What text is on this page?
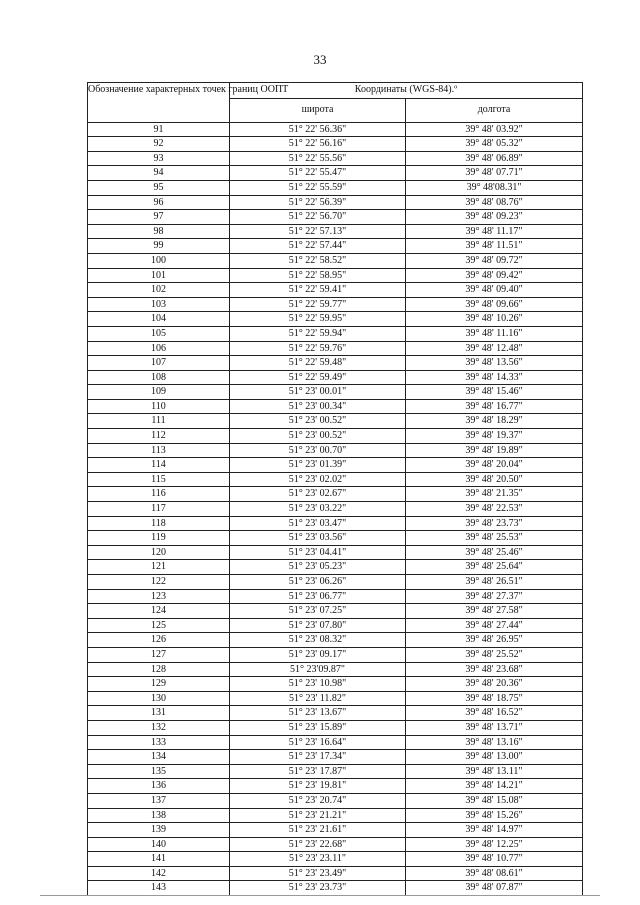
33
Обозначение характерных точек границ ООПТ	Координаты (WGS-84).º	
	широта	долгота
91	51° 22' 56.36"	39° 48' 03.92"
92	51° 22' 56.16"	39° 48' 05.32"
93	51° 22' 55.56"	39° 48' 06.89"
94	51° 22' 55.47"	39° 48' 07.71"
95	51° 22' 55.59"	39° 48'08.31"
96	51° 22' 56.39"	39° 48' 08.76"
97	51° 22' 56.70"	39° 48' 09.23"
98	51° 22' 57.13"	39° 48' 11.17"
99	51° 22' 57.44"	39° 48' 11.51"
100	51° 22' 58.52"	39° 48' 09.72"
101	51° 22' 58.95"	39° 48' 09.42"
102	51° 22' 59.41"	39° 48' 09.40"
103	51° 22' 59.77"	39° 48' 09.66"
104	51° 22' 59.95"	39° 48' 10.26"
105	51° 22' 59.94"	39° 48' 11.16"
106	51° 22' 59.76"	39° 48' 12.48"
107	51° 22' 59.48"	39° 48' 13.56"
108	51° 22' 59.49"	39° 48' 14.33"
109	51° 23' 00.01"	39° 48' 15.46"
110	51° 23' 00.34"	39° 48' 16.77"
111	51° 23' 00.52"	39° 48' 18.29"
112	51° 23' 00.52"	39° 48' 19.37"
113	51° 23' 00.70"	39° 48' 19.89"
114	51° 23' 01.39"	39° 48' 20.04"
115	51° 23' 02.02"	39° 48' 20.50"
116	51° 23' 02.67"	39° 48' 21.35"
117	51° 23' 03.22"	39° 48' 22.53"
118	51° 23' 03.47"	39° 48' 23.73"
119	51° 23' 03.56"	39° 48' 25.53"
120	51° 23' 04.41"	39° 48' 25.46"
121	51° 23' 05.23"	39° 48' 25.64"
122	51° 23' 06.26"	39° 48' 26.51"
123	51° 23' 06.77"	39° 48' 27.37"
124	51° 23' 07.25"	39° 48' 27.58"
125	51° 23' 07.80"	39° 48' 27.44"
126	51° 23' 08.32"	39° 48' 26.95"
127	51° 23' 09.17"	39° 48' 25.52"
128	51° 23'09.87"	39° 48' 23.68"
129	51° 23' 10.98"	39° 48' 20.36"
130	51° 23' 11.82"	39° 48' 18.75"
131	51° 23' 13.67"	39° 48' 16.52"
132	51° 23' 15.89"	39° 48' 13.71"
133	51° 23' 16.64"	39° 48' 13.16"
134	51° 23' 17.34"	39° 48' 13.00"
135	51° 23' 17.87"	39° 48' 13.11"
136	51° 23' 19.81"	39° 48' 14.21"
137	51° 23' 20.74"	39° 48' 15.08"
138	51° 23' 21.21"	39° 48' 15.26"
139	51° 23' 21.61"	39° 48' 14.97"
140	51° 23' 22.68"	39° 48' 12.25"
141	51° 23' 23.11"	39° 48' 10.77"
142	51° 23' 23.49"	39° 48' 08.61"
143	51° 23' 23.73"	39° 48' 07.87"
